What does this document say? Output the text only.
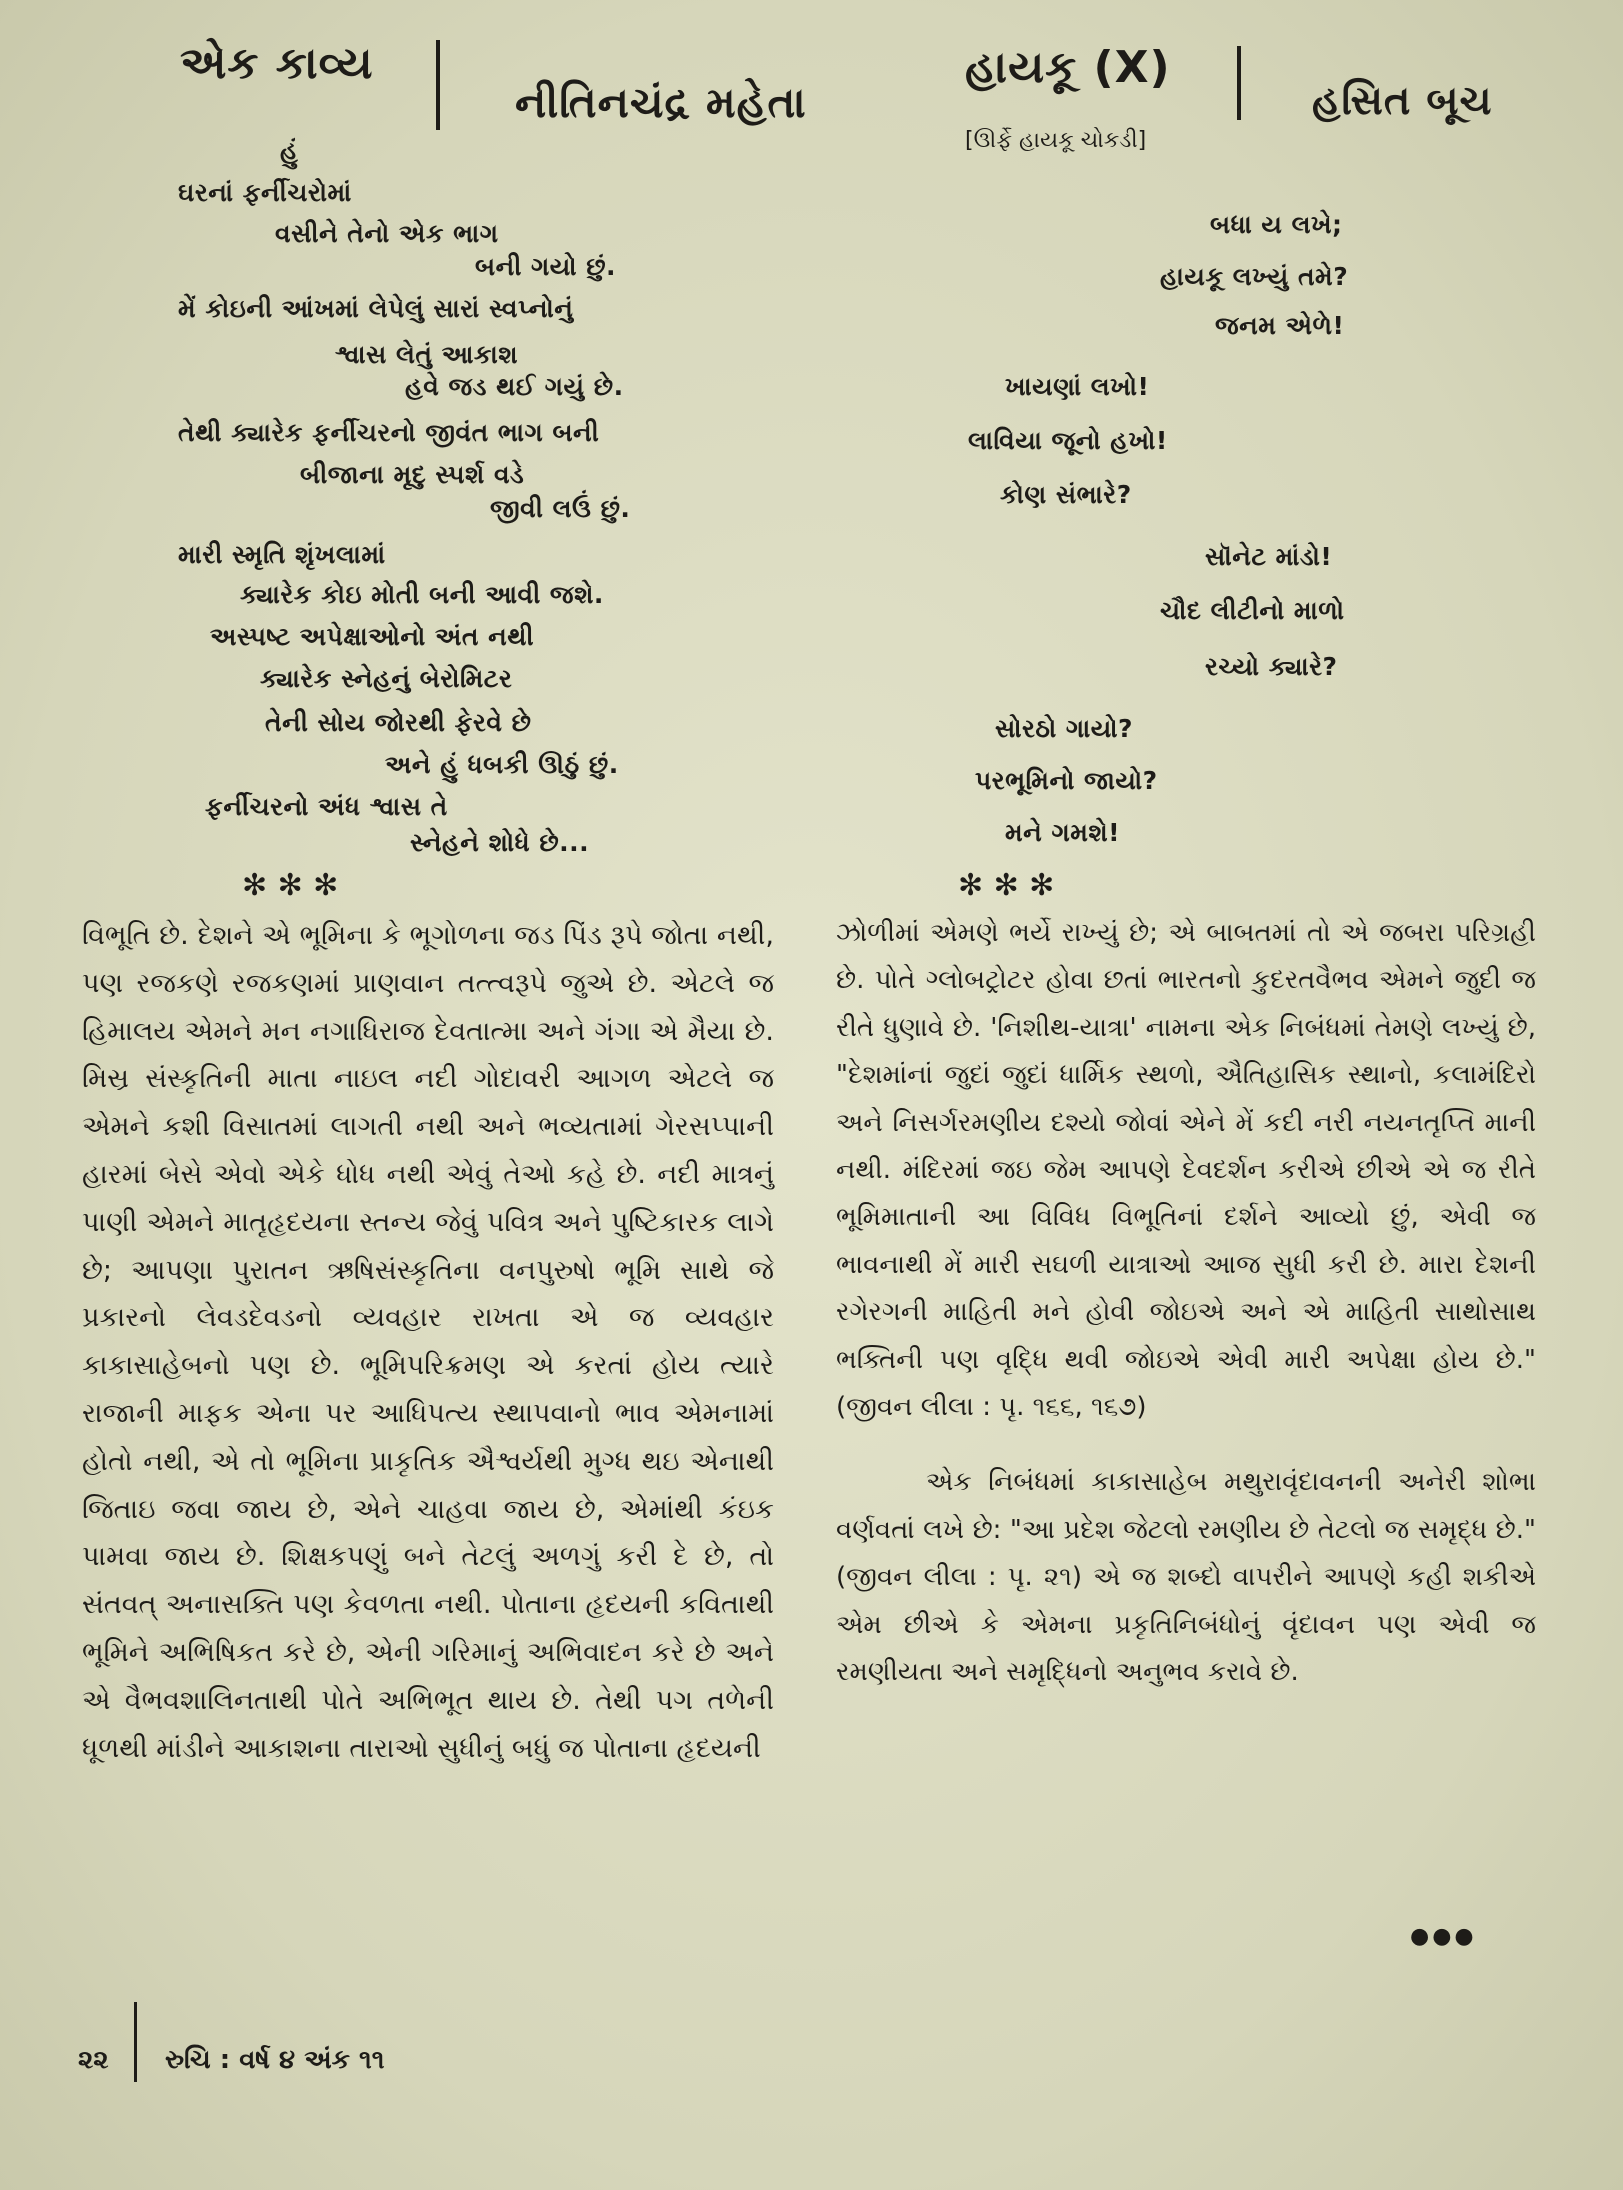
એક કાવ્ય
નીતિનચંદ્ર મહેતા
હાયકૂ (X)
[ઊર્ફે હાયકૂ ચોકડી]
હસિત બૂચ
હું
ઘરનાં ફર્નીચરોમાં
વસીને તેનો એક ભાગ
બની ગયો છું.
મેં કોઇની આંખમાં લેપેલું સારાં સ્વપ્નોનું
શ્વાસ લેતું આકાશ
હવે જડ થઈ ગયું છે.
તેથી ક્યારેક ફર્નીચરનો જીવંત ભાગ બની
બીજાના મૃદુ સ્પર્શ વડે
જીવી લઉં છું.
મારી સ્મૃતિ શૃંખલામાં
ક્યારેક કોઇ મોતી બની આવી જશે.
અસ્પષ્ટ અપેક્ષાઓનો અંત નથી
ક્યારેક સ્નેહનું બેરોમિટર
તેની સોય જોરથી ફેરવે છે
અને હું ધબકી ઊઠું છું.
ફર્નીચરનો અંધ શ્વાસ તે
સ્નેહને શોધે છે...
બધા ય લખે;
હાયકૂ લખ્યું તમે?
જનમ એળે!
ખાયણાં લખો!
લાવિયા જૂનો હખો!
કોણ સંભારે?
સૉનેટ માંડો!
ચૌદ લીટીનો માળો
રચ્યો ક્યારે?
સોરઠો ગાયો?
પરભૂમિનો જાયો?
મને ગમશે!
✻ ✻ ✻	✻ ✻ ✻

વિભૂતિ છે. દેશને એ ભૂમિના કે ભૂગોળના જડ પિંડ રૂપે જોતા નથી, પણ રજકણે રજકણમાં પ્રાણવાન તત્ત્વરૂપે જુએ છે. એટલે જ હિમાલય એમને મન નગાધિરાજ દેવતાત્મા અને ગંગા એ મૈયા છે. મિસ્ર સંસ્કૃતિની માતા નાઇલ નદી ગોદાવરી આગળ એટલે જ એમને કશી વિસાતમાં લાગતી નથી અને ભવ્યતામાં ગેરસપ્પાની હારમાં બેસે એવો એકે ધોધ નથી એવું તેઓ કહે છે. નદી માત્રનું પાણી એમને માતૃહૃદયના સ્તન્ય જેવું પવિત્ર અને પુષ્ટિકારક લાગે છે; આપણા પુરાતન ઋષિસંસ્કૃતિના વનપુરુષો ભૂમિ સાથે જે પ્રકારનો લેવડદેવડનો વ્યવહાર રાખતા એ જ વ્યવહાર કાકાસાહેબનો પણ છે. ભૂમિપરિક્રમણ એ કરતાં હોય ત્યારે રાજાની માફક એના પર આધિપત્ય સ્થાપવાનો ભાવ એમનામાં હોતો નથી, એ તો ભૂમિના પ્રાકૃતિક ઐશ્વર્યથી મુગ્ધ થઇ એનાથી જિતાઇ જવા જાય છે, એને ચાહવા જાય છે, એમાંથી કંઇક પામવા જાય છે. શિક્ષકપણું બને તેટલું અળગું કરી દે છે, તો સંતવત્ અનાસક્તિ પણ કેવળતા નથી. પોતાના હૃદયની કવિતાથી ભૂમિને અભિષિકત કરે છે, એની ગરિમાનું અભિવાદન કરે છે અને એ વૈભવશાલિનતાથી પોતે અભિભૂત થાય છે. તેથી પગ તળેની ધૂળથી માંડીને આકાશના તારાઓ સુધીનું બધું જ પોતાના હૃદયની

ઝોળીમાં એમણે ભર્યે રાખ્યું છે; એ બાબતમાં તો એ જબરા પરિગ્રહી છે. પોતે ગ્લોબટ્રોટર હોવા છતાં ભારતનો કુદરતવૈભવ એમને જુદી જ રીતે ધુણાવે છે. 'નિશીથ-યાત્રા' નામના એક નિબંધમાં તેમણે લખ્યું છે, "દેશમાંનાં જુદાં જુદાં ધાર્મિક સ્થળો, ઐતિહાસિક સ્થાનો, કલામંદિરો અને નિસર્ગરમણીય દશ્યો જોવાં એને મેં કદી નરી નયનતૃપ્તિ માની નથી. મંદિરમાં જઇ જેમ આપણે દેવદર્શન કરીએ છીએ એ જ રીતે ભૂમિમાતાની આ વિવિધ વિભૂતિનાં દર્શને આવ્યો છું, એવી જ ભાવનાથી મેં મારી સઘળી યાત્રાઓ આજ સુધી કરી છે. મારા દેશની રગેરગની માહિતી મને હોવી જોઇએ અને એ માહિતી સાથોસાથ ભક્તિની પણ વૃદ્ધિ થવી જોઇએ એવી મારી અપેક્ષા હોય છે." (જીવન લીલા : પૃ. ૧૬૬, ૧૬૭)

એક નિબંધમાં કાકાસાહેબ મથુરાવૃંદાવનની અનેરી શોભા વર્ણવતાં લખે છે: "આ પ્રદેશ જેટલો રમણીય છે તેટલો જ સમૃદ્ધ છે." (જીવન લીલા : પૃ. ૨૧) એ જ શબ્દો વાપરીને આપણે કહી શકીએ એમ છીએ કે એમના પ્રકૃતિનિબંધોનું વૃંદાવન પણ એવી જ રમણીયતા અને સમૃદ્ધિનો અનુભવ કરાવે છે.

●●●
૨૨ રુચિ : વર્ષ ૪ અંક ૧૧
